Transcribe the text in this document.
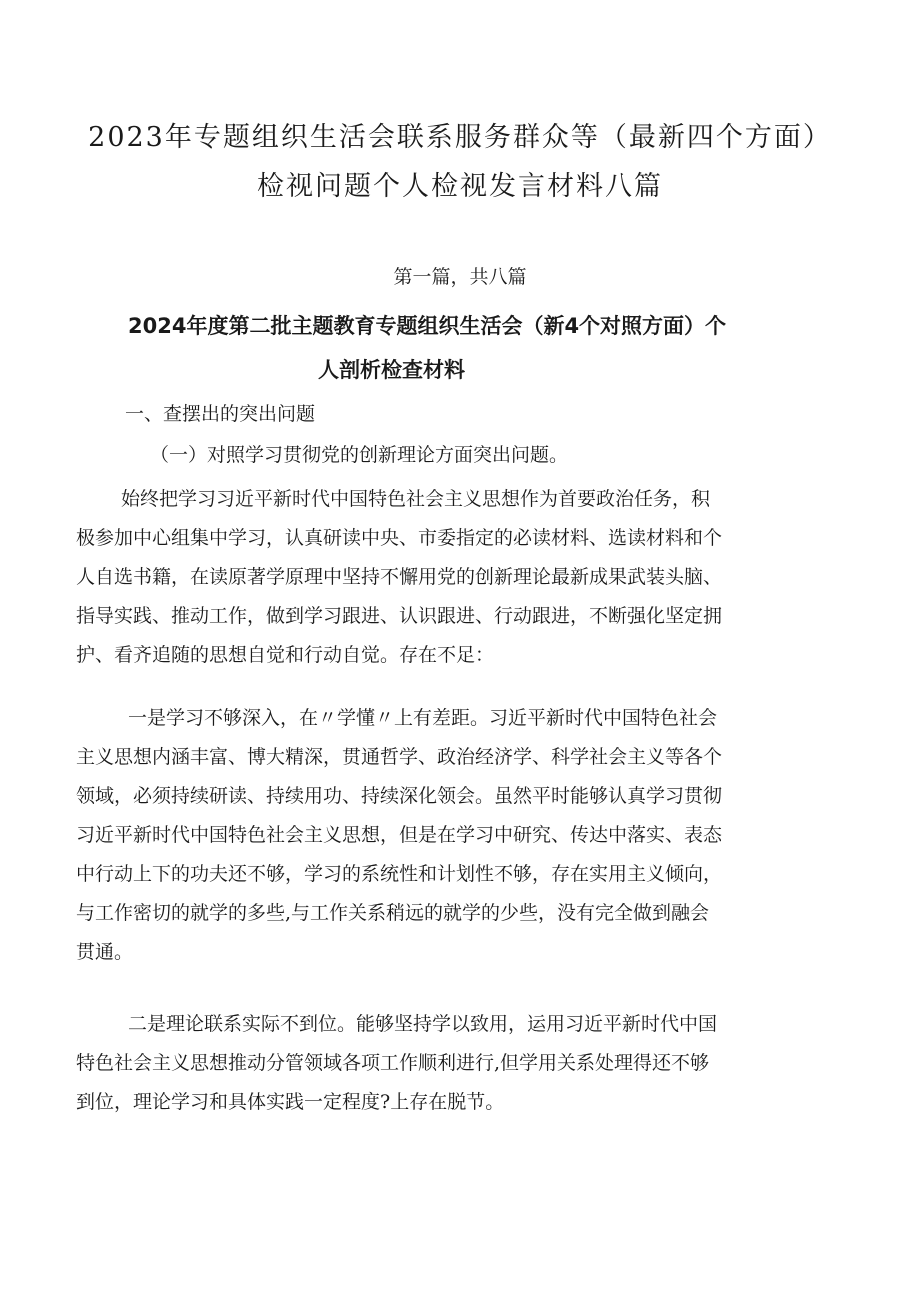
2023年专题组织生活会联系服务群众等（最新四个方面）
检视问题个人检视发言材料八篇
第一篇，共八篇
2024年度第二批主题教育专题组织生活会（新4个对照方面）个
人剖析检查材料
一、查摆出的突出问题
（一）对照学习贯彻党的创新理论方面突出问题。
始终把学习习近平新时代中国特色社会主义思想作为首要政治任务，积
极参加中心组集中学习，认真研读中央、市委指定的必读材料、选读材料和个
人自选书籍，在读原著学原理中坚持不懈用党的创新理论最新成果武装头脑、
指导实践、推动工作，做到学习跟进、认识跟进、行动跟进，不断强化坚定拥
护、看齐追随的思想自觉和行动自觉。存在不足：
一是学习不够深入，在〃学懂〃上有差距。习近平新时代中国特色社会
主义思想内涵丰富、博大精深，贯通哲学、政治经济学、科学社会主义等各个
领域，必须持续研读、持续用功、持续深化领会。虽然平时能够认真学习贯彻
习近平新时代中国特色社会主义思想，但是在学习中研究、传达中落实、表态
中行动上下的功夫还不够，学习的系统性和计划性不够，存在实用主义倾向，
与工作密切的就学的多些,与工作关系稍远的就学的少些，没有完全做到融会
贯通。
二是理论联系实际不到位。能够坚持学以致用，运用习近平新时代中国
特色社会主义思想推动分管领域各项工作顺利进行,但学用关系处理得还不够
到位，理论学习和具体实践一定程度?上存在脱节。
